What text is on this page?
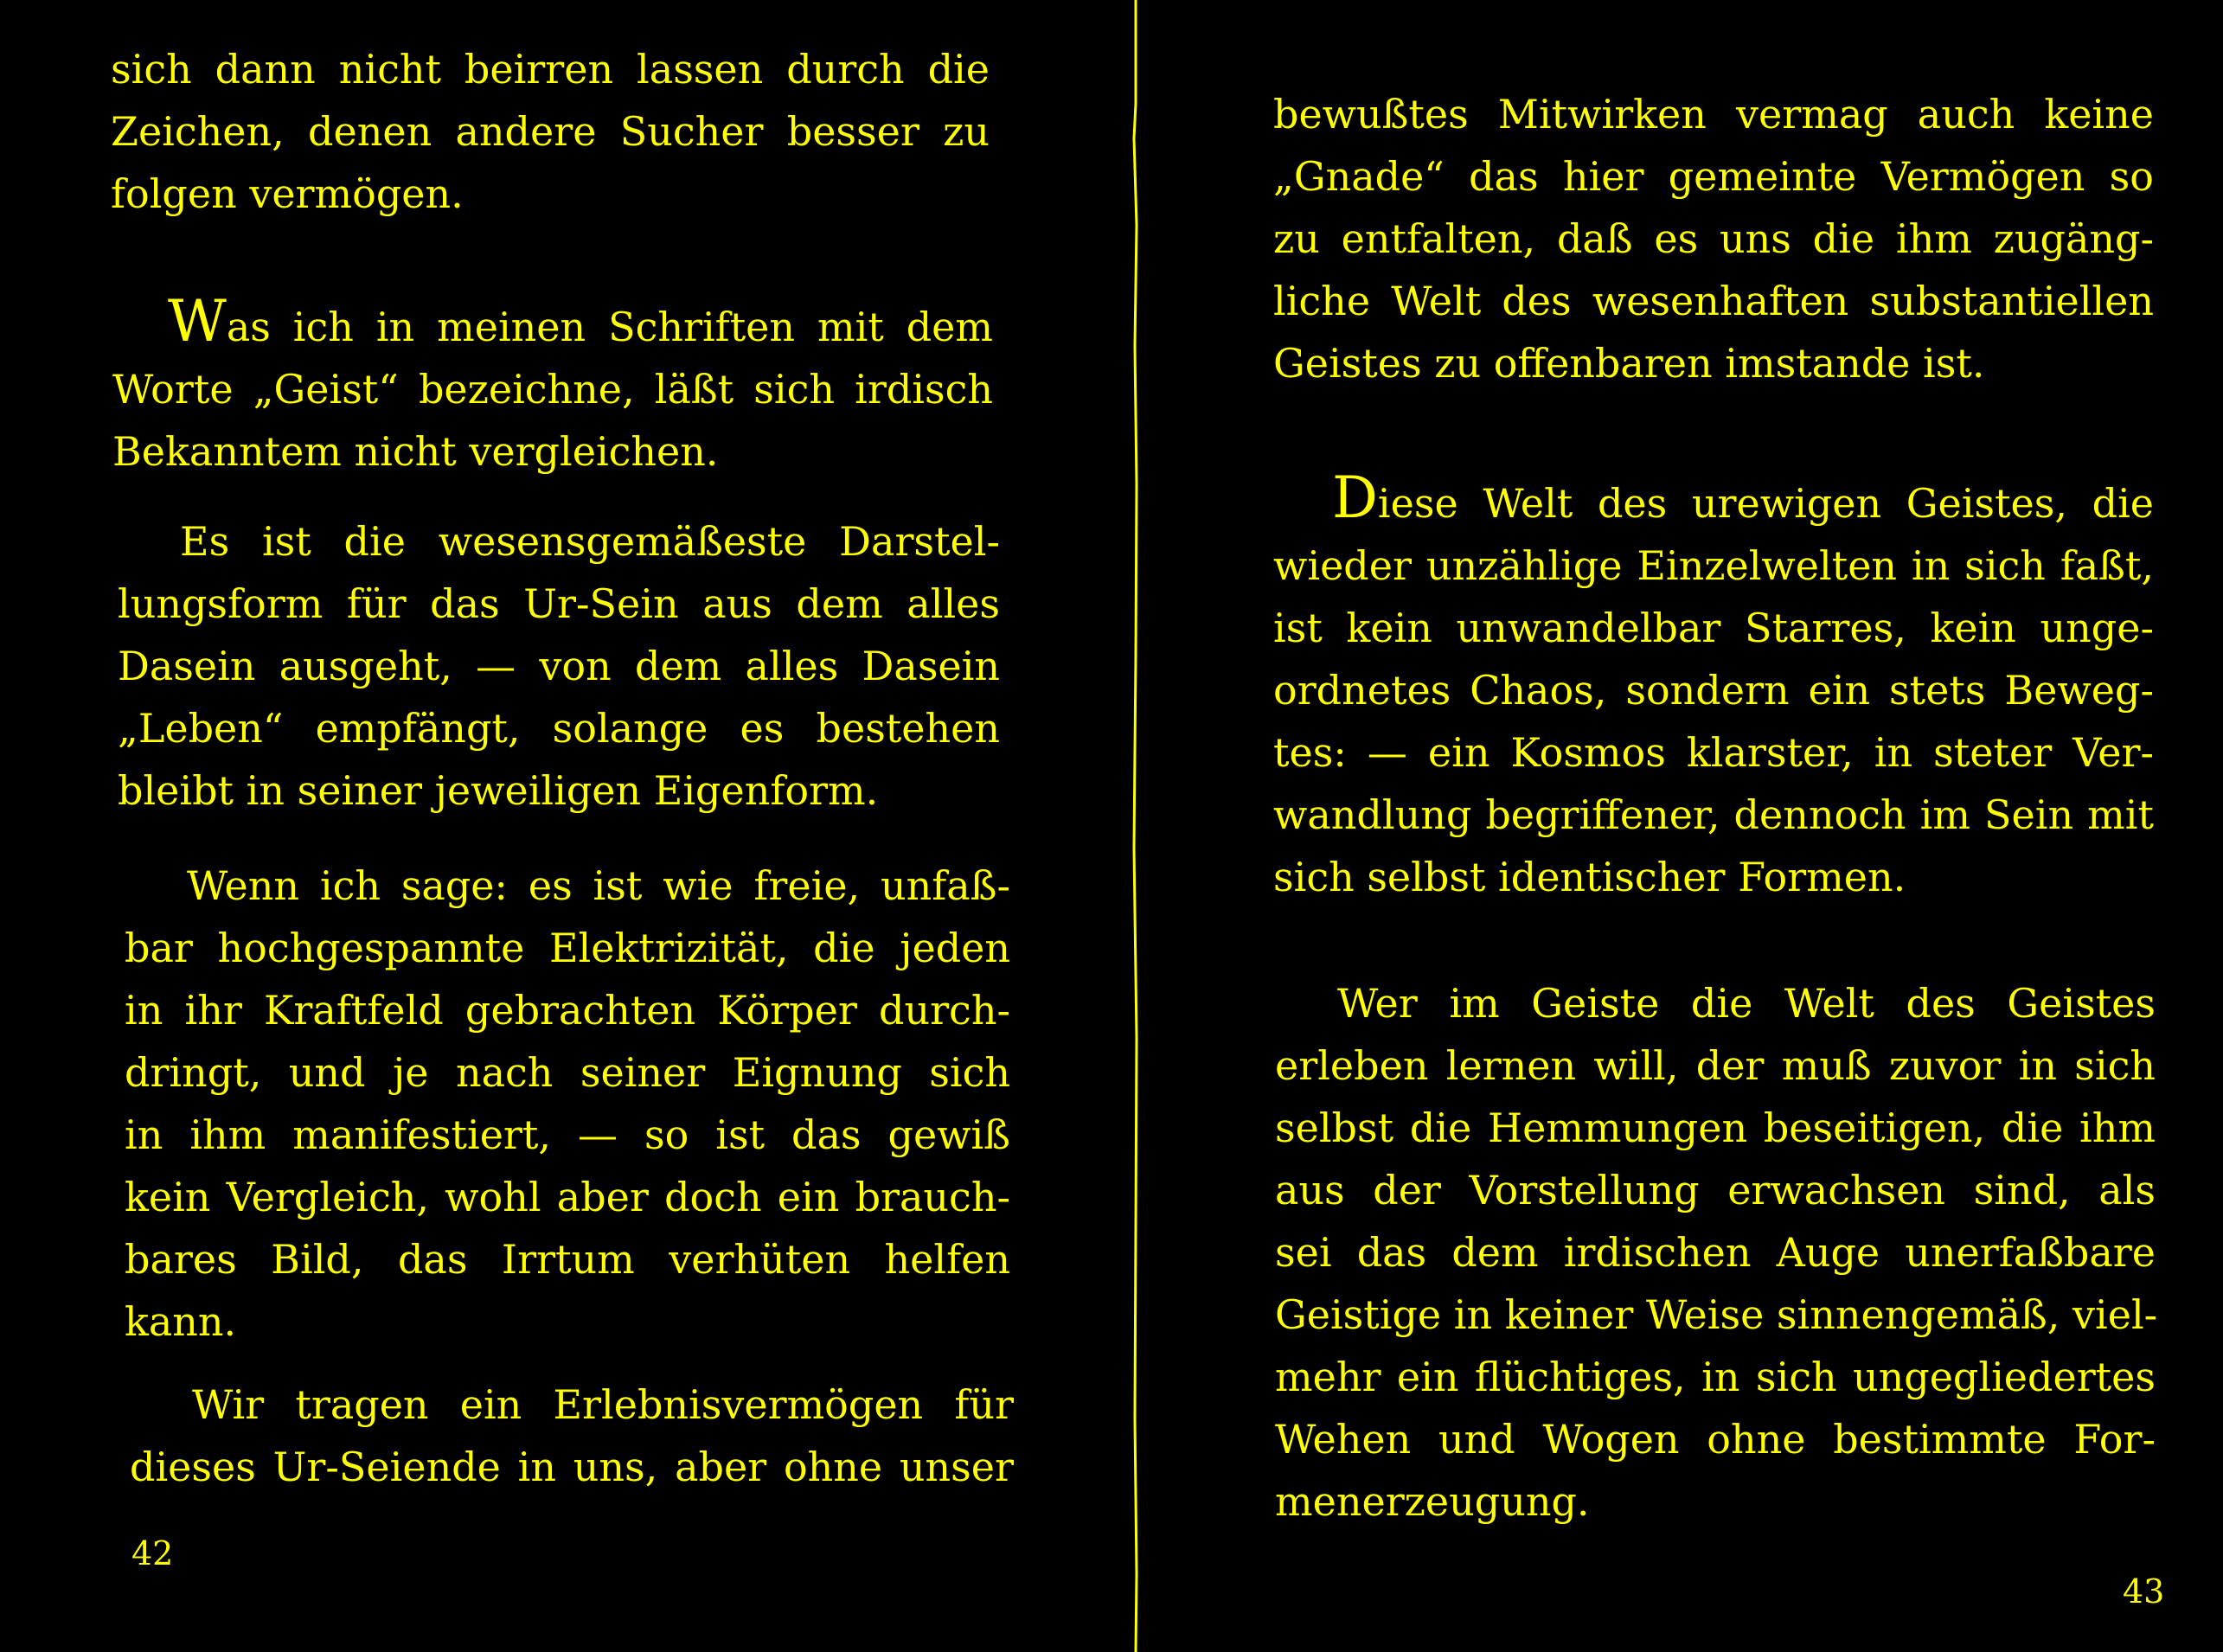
sich dann nicht beirren lassen durch die
Zeichen, denen andere Sucher besser zu
folgen vermögen.
Was ich in meinen Schriften mit dem
Worte „Geist“ bezeichne, läßt sich irdisch
Bekanntem nicht vergleichen.
Es ist die wesensgemäßeste Darstel-
lungsform für das Ur-Sein aus dem alles
Dasein ausgeht, — von dem alles Dasein
„Leben“ empfängt, solange es bestehen
bleibt in seiner jeweiligen Eigenform.
Wenn ich sage: es ist wie freie, unfaß-
bar hochgespannte Elektrizität, die jeden
in ihr Kraftfeld gebrachten Körper durch-
dringt, und je nach seiner Eignung sich
in ihm manifestiert, — so ist das gewiß
kein Vergleich, wohl aber doch ein brauch-
bares Bild, das Irrtum verhüten helfen
kann.
Wir tragen ein Erlebnisvermögen für
dieses Ur-Seiende in uns, aber ohne unser
42
bewußtes Mitwirken vermag auch keine
„Gnade“ das hier gemeinte Vermögen so
zu entfalten, daß es uns die ihm zugäng-
liche Welt des wesenhaften substantiellen
Geistes zu offenbaren imstande ist.
Diese Welt des urewigen Geistes, die
wieder unzählige Einzelwelten in sich faßt,
ist kein unwandelbar Starres, kein unge-
ordnetes Chaos, sondern ein stets Beweg-
tes: — ein Kosmos klarster, in steter Ver-
wandlung begriffener, dennoch im Sein mit
sich selbst identischer Formen.
Wer im Geiste die Welt des Geistes
erleben lernen will, der muß zuvor in sich
selbst die Hemmungen beseitigen, die ihm
aus der Vorstellung erwachsen sind, als
sei das dem irdischen Auge unerfaßbare
Geistige in keiner Weise sinnengemäß, viel-
mehr ein flüchtiges, in sich ungegliedertes
Wehen und Wogen ohne bestimmte For-
menerzeugung.
43
